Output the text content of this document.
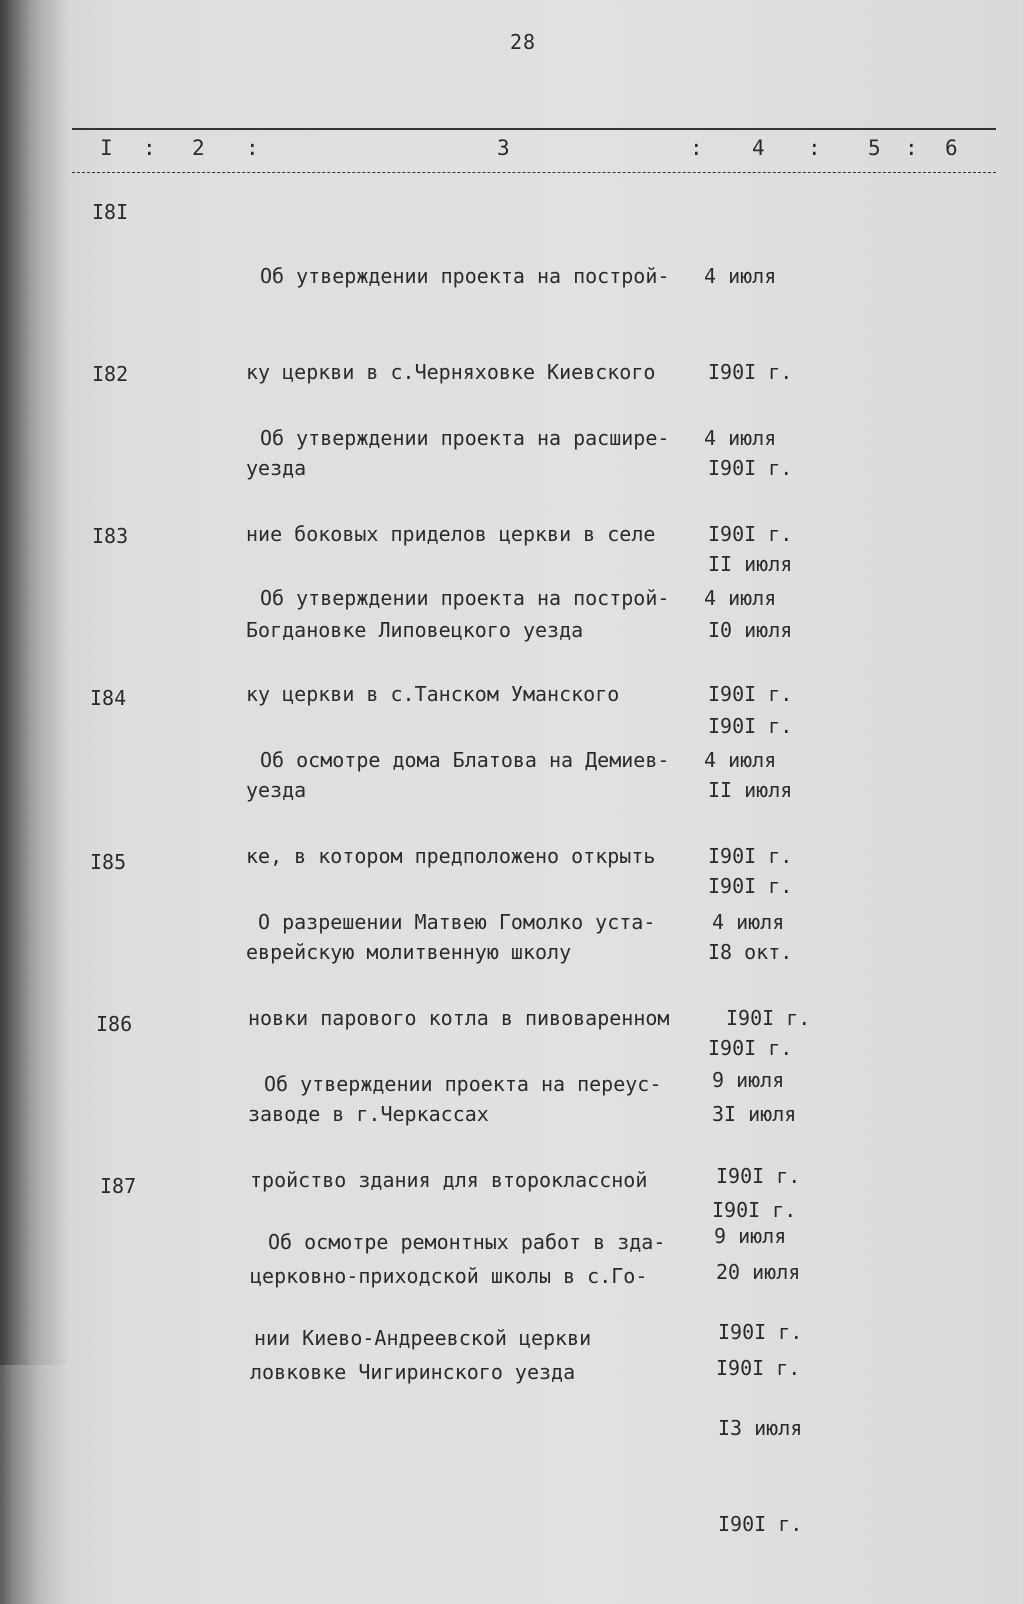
28
I : 2 :	3	: 4 : 5 : 6
I8I

Об утверждении проекта на построй-

ку церкви в с.Черняховке Киевского

уезда

4 июля

I90I г.

I90I г.

II июля

I82

Об утверждении проекта на расшире-

ние боковых приделов церкви в селе

Богдановке Липовецкого уезда

4 июля

I90I г.

I0 июля

I90I г.

I83

Об утверждении проекта на построй-

ку церкви в с.Танском Уманского

уезда

4 июля

I90I г.

II июля

I90I г.

I84

Об осмотре дома Блатова на Демиев-

ке, в котором предположено открыть

еврейскую молитвенную школу

4 июля

I90I г.

I8 окт.

I90I г.

I85

О разрешении Матвею Гомолко уста-

новки парового котла в пивоваренном

заводе в г.Черкассах

4 июля

I90I г.

3I июля

I90I г.

I86

Об утверждении проекта на переус-

тройство здания для второклассной

церковно-приходской школы в с.Го-

ловковке Чигиринского уезда

9 июля

I90I г.

20 июля

I90I г.

I87

Об осмотре ремонтных работ в зда-

нии Киево-Андреевской церкви

9 июля

I90I г.

I3 июля

I90I г.
